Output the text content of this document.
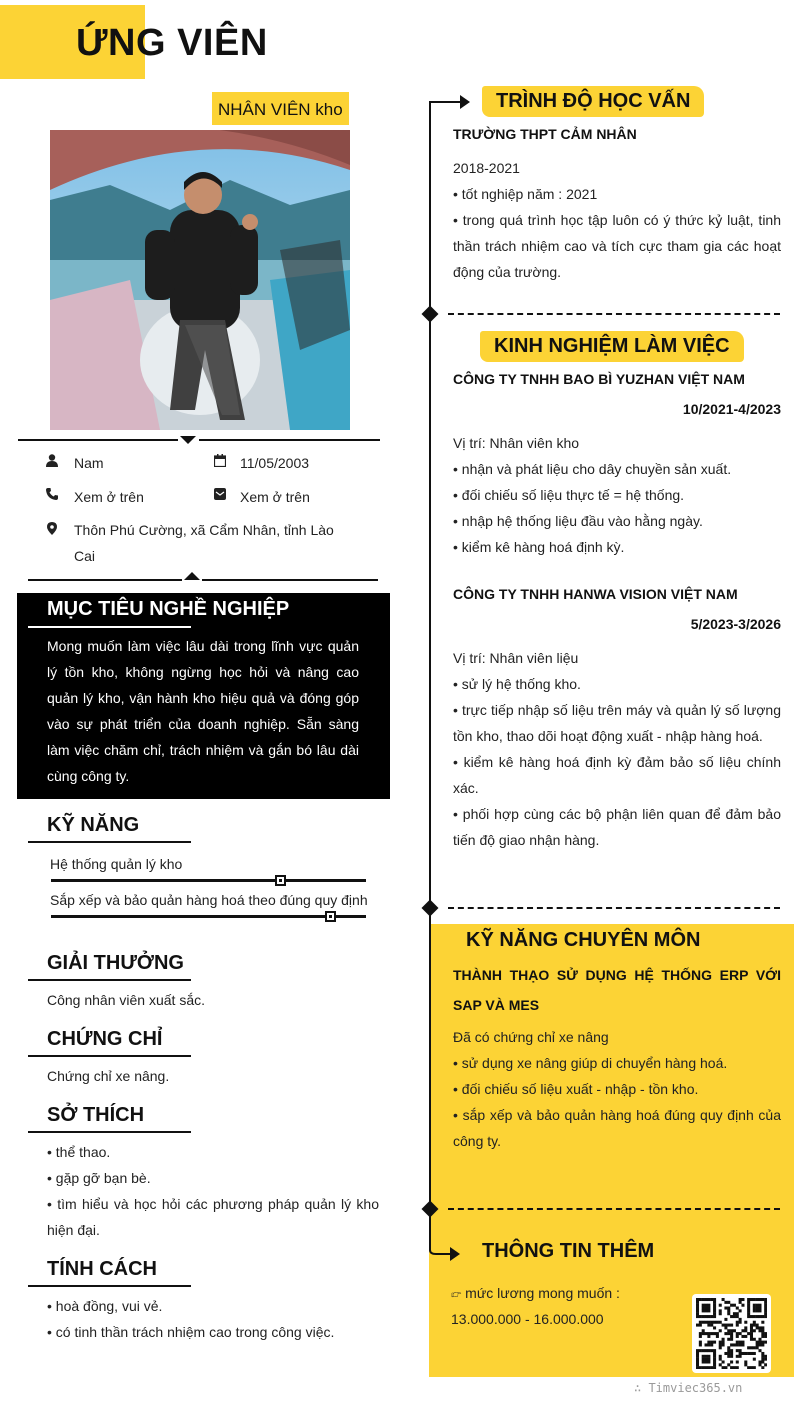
ỨNG VIÊN
NHÂN VIÊN kho
Nam	11/05/2003
Xem ở trên	Xem ở trên
Thôn Phú Cường, xã Cẩm Nhân, tỉnh Lào Cai
MỤC TIÊU NGHỀ NGHIỆP
Mong muốn làm việc lâu dài trong lĩnh vực quản lý tồn kho, không ngừng học hỏi và nâng cao quản lý kho, vận hành kho hiệu quả và đóng góp vào sự phát triển của doanh nghiệp. Sẵn sàng làm việc chăm chỉ, trách nhiệm và gắn bó lâu dài cùng công ty.
KỸ NĂNG
Hệ thống quản lý kho
Sắp xếp và bảo quản hàng hoá theo đúng quy định
GIẢI THƯỞNG
Công nhân viên xuất sắc.
CHỨNG CHỈ
Chứng chỉ xe nâng.
SỞ THÍCH
• thể thao.
• gặp gỡ bạn bè.
• tìm hiểu và học hỏi các phương pháp quản lý kho hiện đại.
TÍNH CÁCH
• hoà đồng, vui vẻ.
• có tinh thần trách nhiệm cao trong công việc.
TRÌNH ĐỘ HỌC VẤN
TRƯỜNG THPT CẢM NHÂN
2018-2021
• tốt nghiệp năm : 2021
• trong quá trình học tập luôn có ý thức kỷ luật, tinh thần trách nhiệm cao và tích cực tham gia các hoạt động của trường.
KINH NGHIỆM LÀM VIỆC
CÔNG TY TNHH BAO BÌ YUZHAN VIỆT NAM
10/2021-4/2023
Vị trí: Nhân viên kho
• nhận và phát liệu cho dây chuyền sản xuất.
• đối chiếu số liệu thực tế = hệ thống.
• nhập hệ thống liệu đầu vào hằng ngày.
• kiểm kê hàng hoá định kỳ.
CÔNG TY TNHH HANWA VISION VIỆT NAM
5/2023-3/2026
Vị trí: Nhân viên liệu
• sử lý hệ thống kho.
• trực tiếp nhập số liệu trên máy và quản lý số lượng tồn kho, thao dõi hoạt động xuất - nhập hàng hoá.
• kiểm kê hàng hoá định kỳ đảm bảo số liệu chính xác.
• phối hợp cùng các bộ phận liên quan để đảm bảo tiến độ giao nhận hàng.
KỸ NĂNG CHUYÊN MÔN
THÀNH THẠO SỬ DỤNG HỆ THỐNG ERP VỚI SAP VÀ MES
Đã có chứng chỉ xe nâng
• sử dụng xe nâng giúp di chuyển hàng hoá.
• đối chiếu số liệu xuất - nhập - tồn kho.
• sắp xếp và bảo quản hàng hoá đúng quy định của công ty.
THÔNG TIN THÊM
👉︎ mức lương mong muốn :
13.000.000 - 16.000.000
∴ Timviec365.vn
